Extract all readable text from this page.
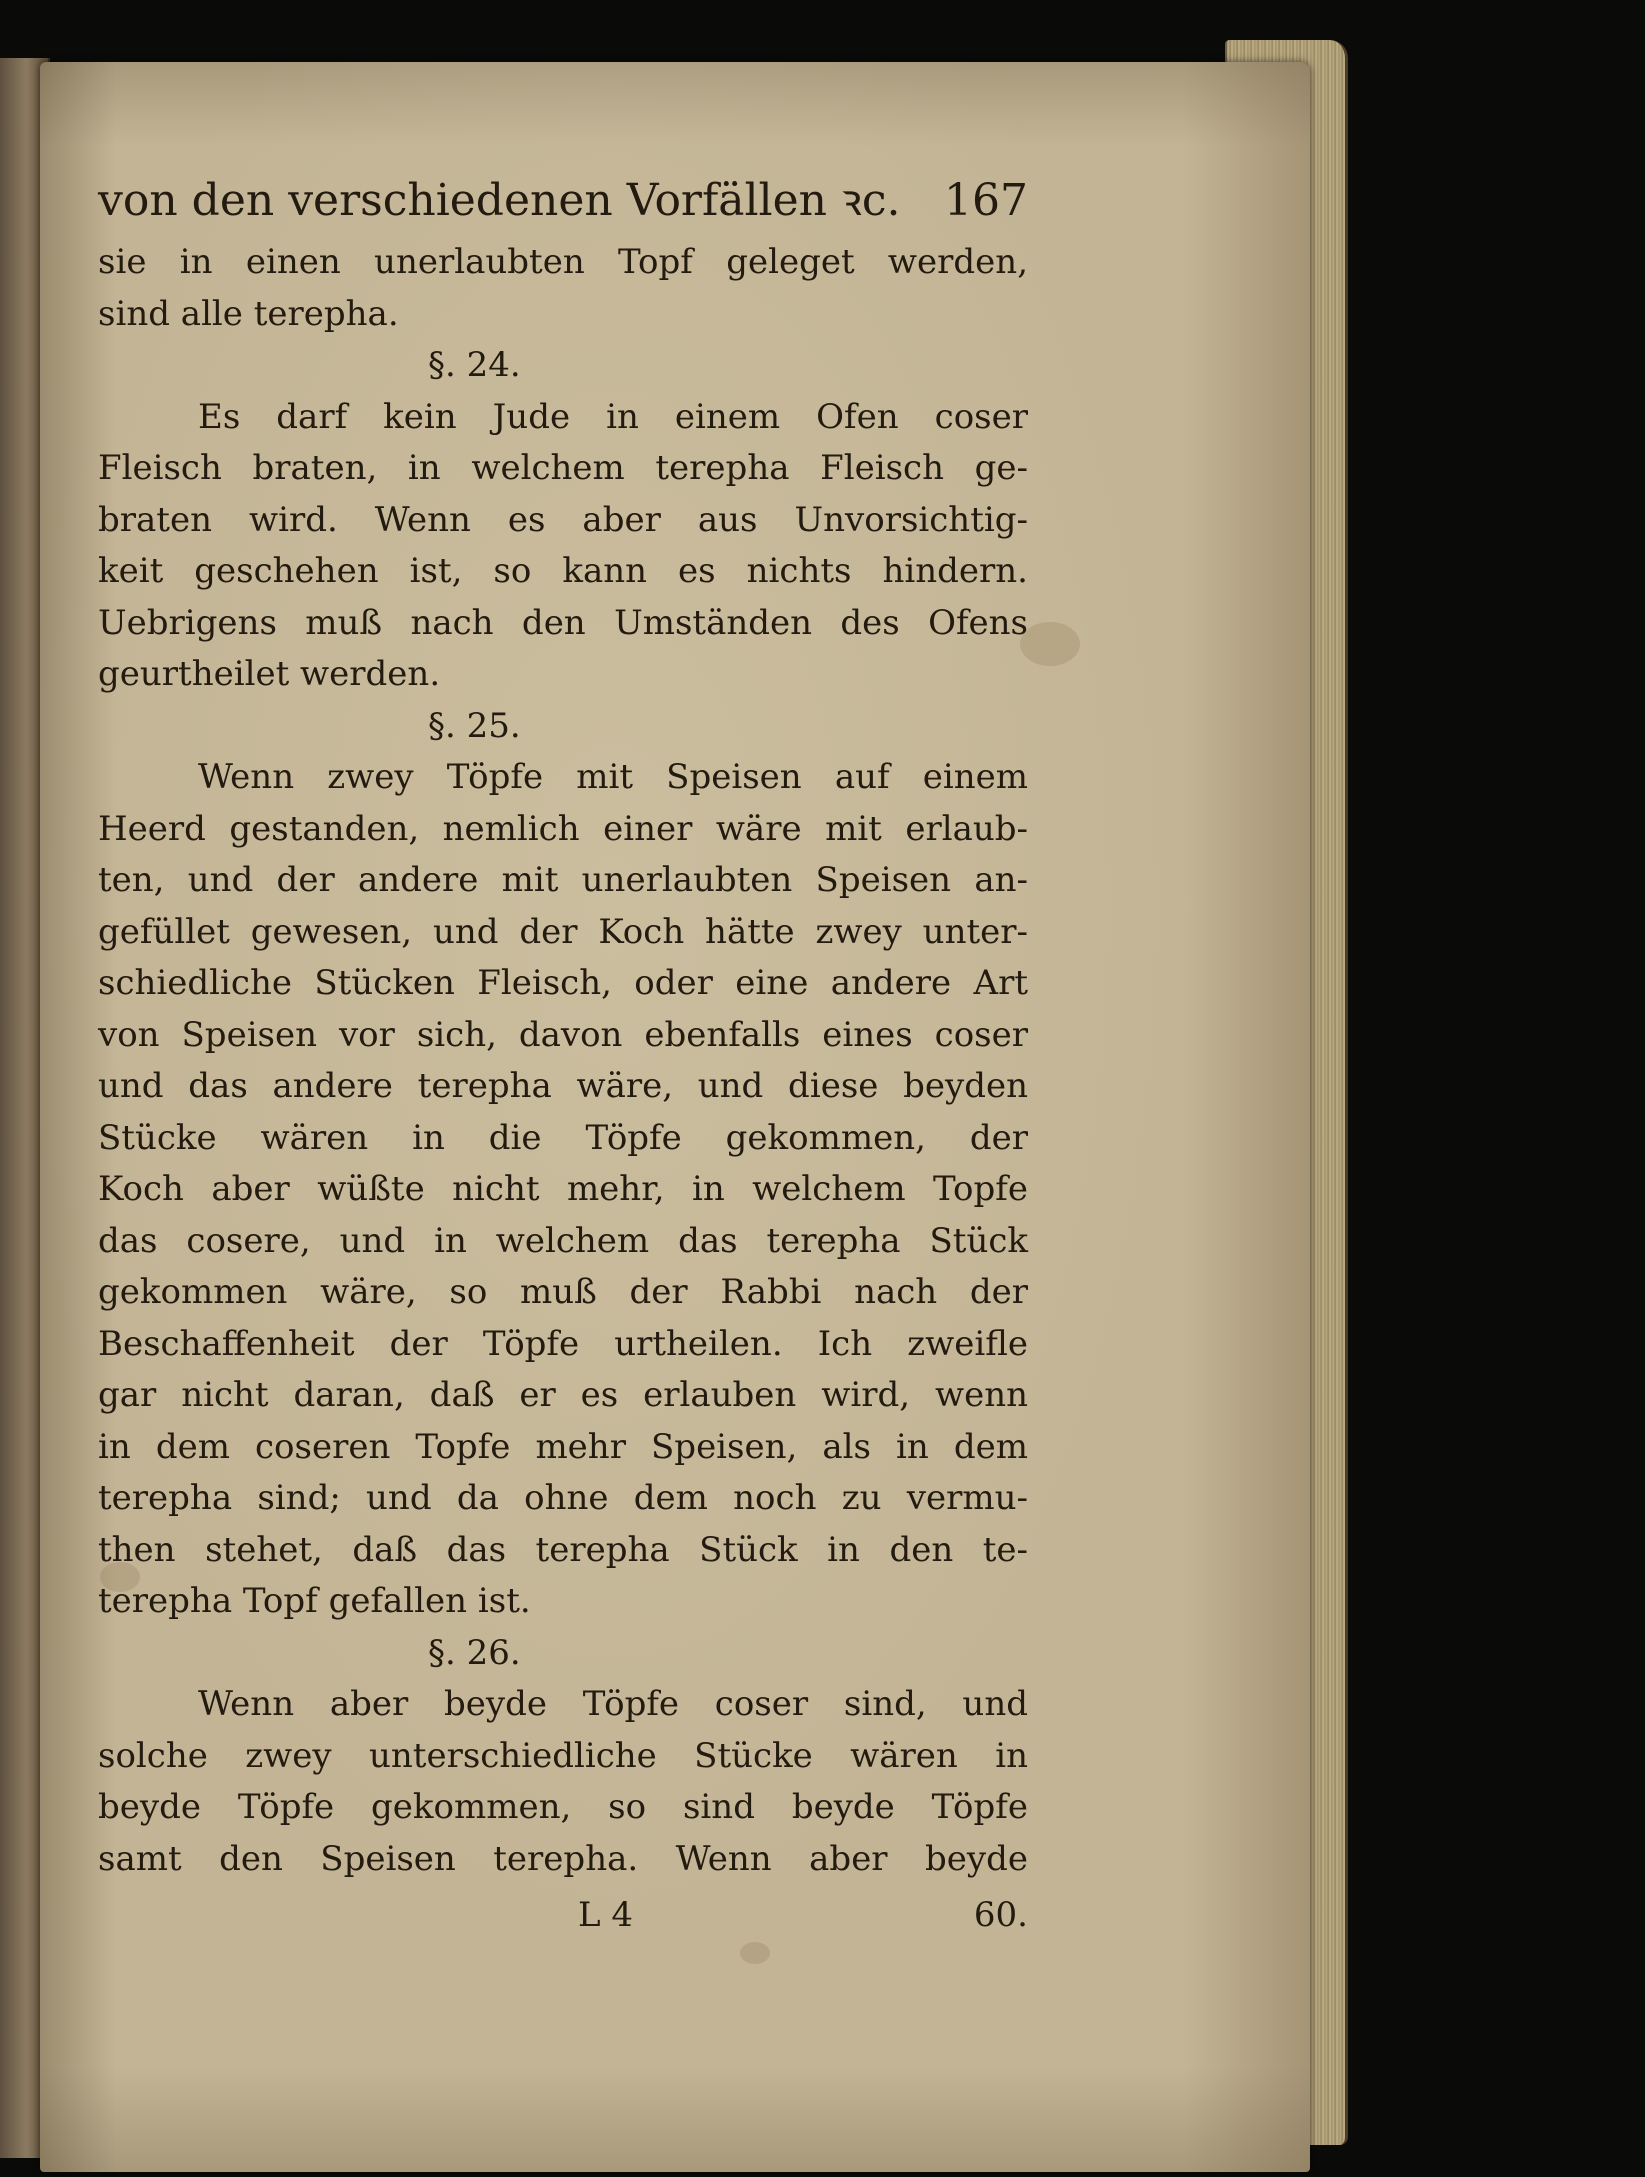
von den verschiedenen Vorfällen ꝛc. 167
sie in einen unerlaubten Topf geleget werden,
sind alle terepha.
§. 24.
Es darf kein Jude in einem Ofen coser
Fleisch braten, in welchem terepha Fleisch ge-
braten wird. Wenn es aber aus Unvorsichtig-
keit geschehen ist, so kann es nichts hindern.
Uebrigens muß nach den Umständen des Ofens
geurtheilet werden.
§. 25.
Wenn zwey Töpfe mit Speisen auf einem
Heerd gestanden, nemlich einer wäre mit erlaub-
ten, und der andere mit unerlaubten Speisen an-
gefüllet gewesen, und der Koch hätte zwey unter-
schiedliche Stücken Fleisch, oder eine andere Art
von Speisen vor sich, davon ebenfalls eines coser
und das andere terepha wäre, und diese beyden
Stücke wären in die Töpfe gekommen, der
Koch aber wüßte nicht mehr, in welchem Topfe
das cosere, und in welchem das terepha Stück
gekommen wäre, so muß der Rabbi nach der
Beschaffenheit der Töpfe urtheilen. Ich zweifle
gar nicht daran, daß er es erlauben wird, wenn
in dem coseren Topfe mehr Speisen, als in dem
terepha sind; und da ohne dem noch zu vermu-
then stehet, daß das terepha Stück in den te-
terepha Topf gefallen ist.
§. 26.
Wenn aber beyde Töpfe coser sind, und
solche zwey unterschiedliche Stücke wären in
beyde Töpfe gekommen, so sind beyde Töpfe
samt den Speisen terepha. Wenn aber beyde
L 4	60.
